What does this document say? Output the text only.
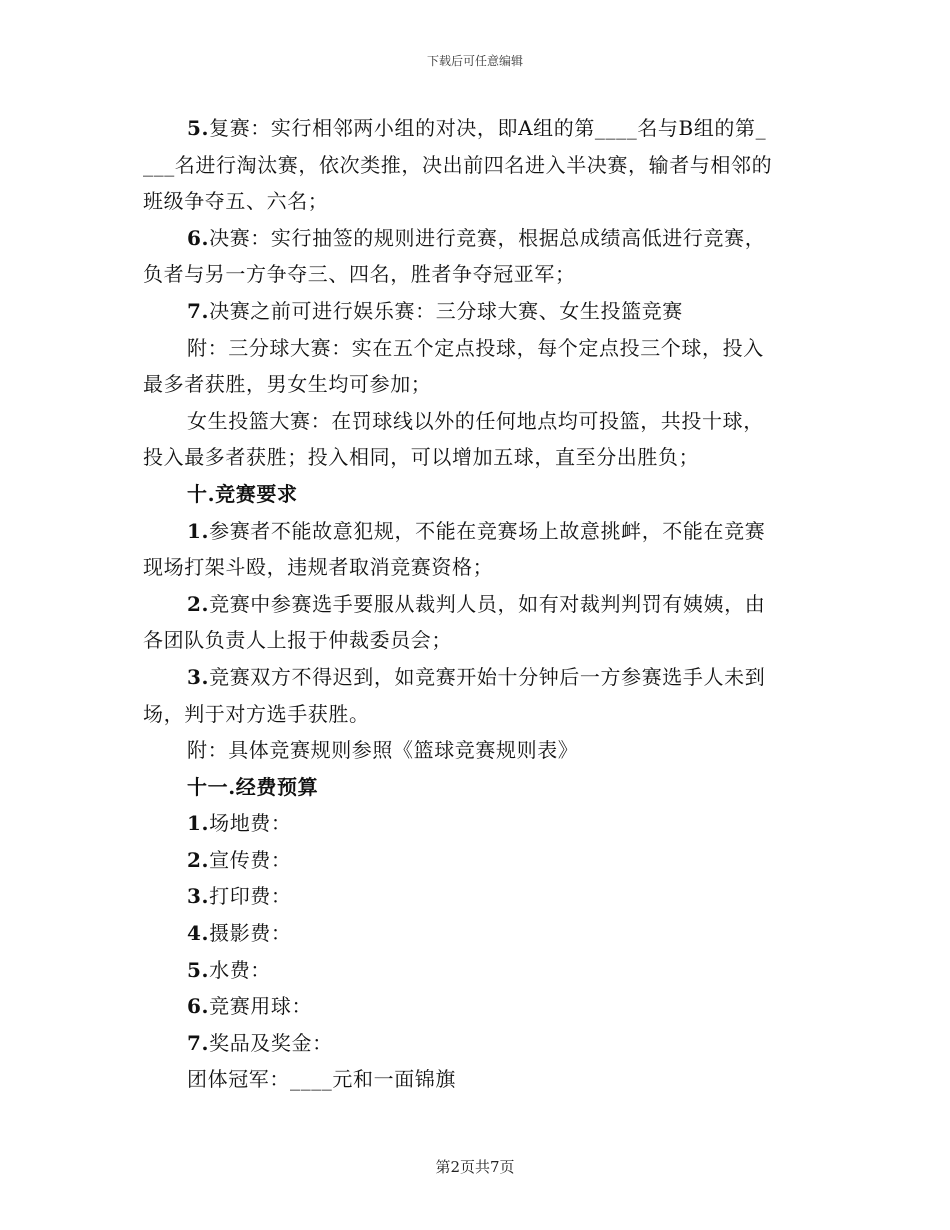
下载后可任意编辑
5.复赛：实行相邻两小组的对决，即A组的第____名与B组的第_
___名进行淘汰赛，依次类推，决出前四名进入半决赛，输者与相邻的
班级争夺五、六名；
6.决赛：实行抽签的规则进行竞赛，根据总成绩高低进行竞赛，
负者与另一方争夺三、四名，胜者争夺冠亚军；
7.决赛之前可进行娱乐赛：三分球大赛、女生投篮竞赛
附：三分球大赛：实在五个定点投球，每个定点投三个球，投入
最多者获胜，男女生均可参加；
女生投篮大赛：在罚球线以外的任何地点均可投篮，共投十球，
投入最多者获胜；投入相同，可以增加五球，直至分出胜负；
十.竞赛要求
1.参赛者不能故意犯规，不能在竞赛场上故意挑衅，不能在竞赛
现场打架斗殴，违规者取消竞赛资格；
2.竞赛中参赛选手要服从裁判人员，如有对裁判判罚有姨姨，由
各团队负责人上报于仲裁委员会；
3.竞赛双方不得迟到，如竞赛开始十分钟后一方参赛选手人未到
场，判于对方选手获胜。
附：具体竞赛规则参照《篮球竞赛规则表》
十一.经费预算
1.场地费：
2.宣传费：
3.打印费：
4.摄影费：
5.水费：
6.竞赛用球：
7.奖品及奖金：
团体冠军：____元和一面锦旗
第2页共7页
